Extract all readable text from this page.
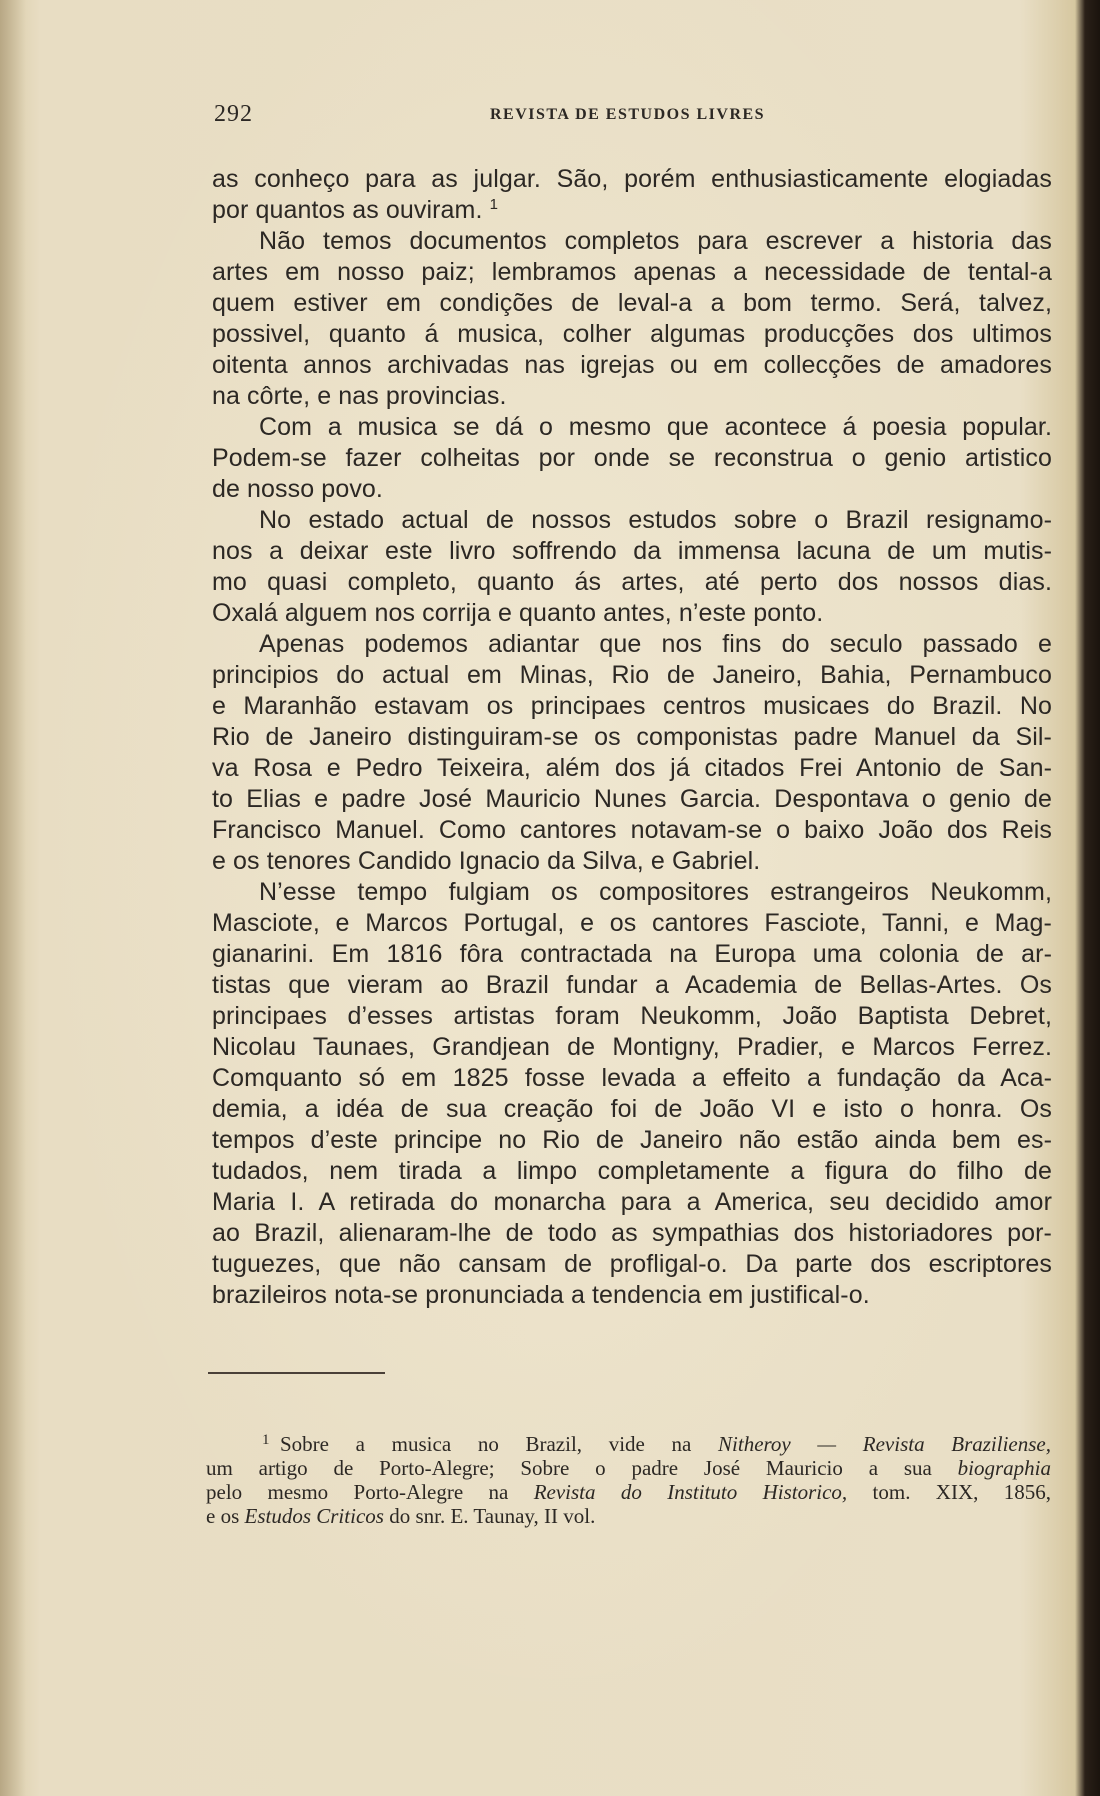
292	REVISTA DE ESTUDOS LIVRES
as conheço para as julgar. São, porém enthusiasticamente elogiadas
por quantos as ouviram. $^1$
Não temos documentos completos para escrever a historia das
artes em nosso paiz; lembramos apenas a necessidade de tental-a
quem estiver em condições de leval-a a bom termo. Será, talvez,
possivel, quanto á musica, colher algumas producções dos ultimos
oitenta annos archivadas nas igrejas ou em collecções de amadores
na côrte, e nas provincias.
Com a musica se dá o mesmo que acontece á poesia popular.
Podem-se fazer colheitas por onde se reconstrua o genio artistico
de nosso povo.
No estado actual de nossos estudos sobre o Brazil resignamo-
nos a deixar este livro soffrendo da immensa lacuna de um mutis-
mo quasi completo, quanto ás artes, até perto dos nossos dias.
Oxalá alguem nos corrija e quanto antes, n’este ponto.
Apenas podemos adiantar que nos fins do seculo passado e
principios do actual em Minas, Rio de Janeiro, Bahia, Pernambuco
e Maranhão estavam os principaes centros musicaes do Brazil. No
Rio de Janeiro distinguiram-se os componistas padre Manuel da Sil-
va Rosa e Pedro Teixeira, além dos já citados Frei Antonio de San-
to Elias e padre José Mauricio Nunes Garcia. Despontava o genio de
Francisco Manuel. Como cantores notavam-se o baixo João dos Reis
e os tenores Candido Ignacio da Silva, e Gabriel.
N’esse tempo fulgiam os compositores estrangeiros Neukomm,
Masciote, e Marcos Portugal, e os cantores Fasciote, Tanni, e Mag-
gianarini. Em 1816 fôra contractada na Europa uma colonia de ar-
tistas que vieram ao Brazil fundar a Academia de Bellas-Artes. Os
principaes d’esses artistas foram Neukomm, João Baptista Debret,
Nicolau Taunaes, Grandjean de Montigny, Pradier, e Marcos Ferrez.
Comquanto só em 1825 fosse levada a effeito a fundação da Aca-
demia, a idéa de sua creação foi de João VI e isto o honra. Os
tempos d’este principe no Rio de Janeiro não estão ainda bem es-
tudados, nem tirada a limpo completamente a figura do filho de
Maria I. A retirada do monarcha para a America, seu decidido amor
ao Brazil, alienaram-lhe de todo as sympathias dos historiadores por-
tuguezes, que não cansam de profligal-o. Da parte dos escriptores
brazileiros nota-se pronunciada a tendencia em justifical-o.
1 Sobre a musica no Brazil, vide na Nitheroy — Revista Braziliense,
um artigo de Porto-Alegre; Sobre o padre José Mauricio a sua biographia
pelo mesmo Porto-Alegre na Revista do Instituto Historico, tom. XIX, 1856,
e os Estudos Criticos do snr. E. Taunay, II vol.
